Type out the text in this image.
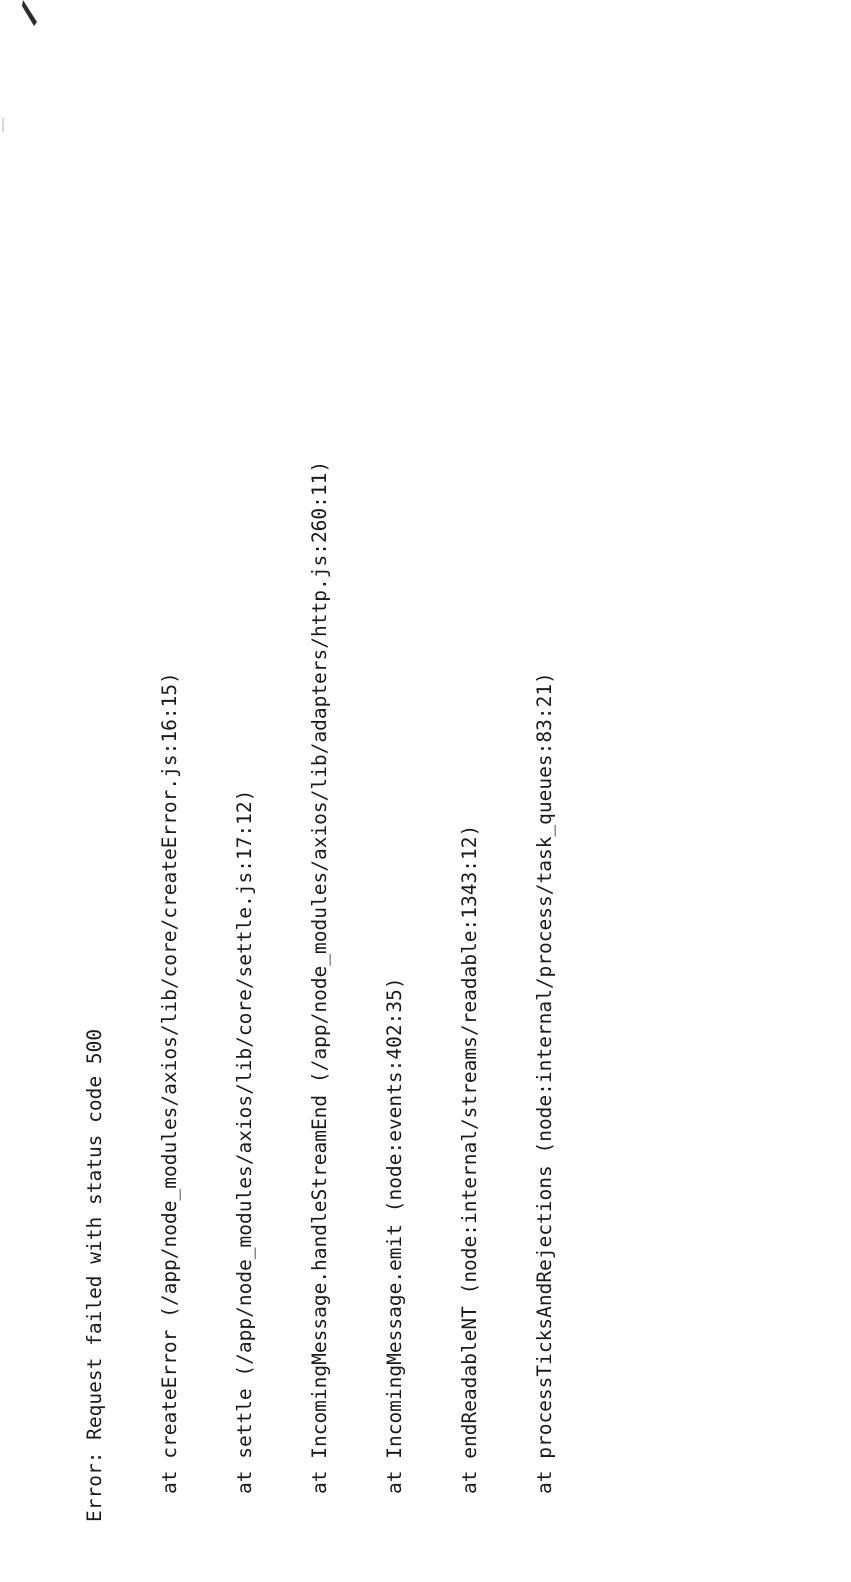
Error: Request failed with status code 500

	at createError (/app/node_modules/axios/lib/core/createError.js:16:15)

	at settle (/app/node_modules/axios/lib/core/settle.js:17:12)

	at IncomingMessage.handleStreamEnd (/app/node_modules/axios/lib/adapters/http.js:260:11)

	at IncomingMessage.emit (node:events:402:35)

	at endReadableNT (node:internal/streams/readable:1343:12)

	at processTicksAndRejections (node:internal/process/task_queues:83:21)
